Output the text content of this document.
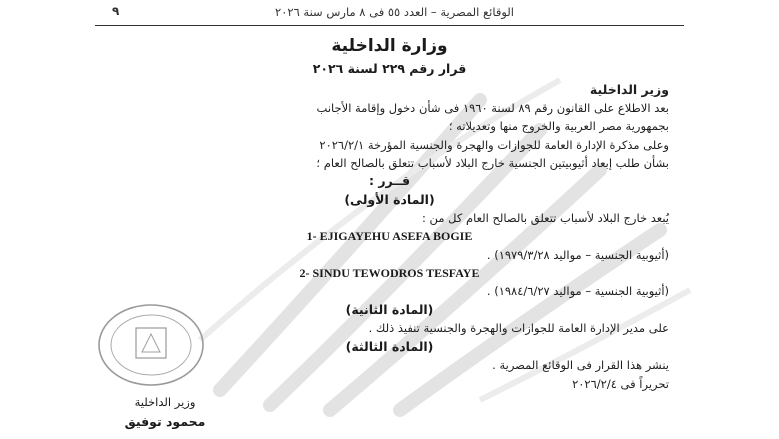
الوقائع المصرية – العدد ٥٥ فى ٨ مارس سنة ٢٠٢٦
٩
وزارة الداخلية
قرار رقم ٢٢٩ لسنة ٢٠٢٦
وزير الداخلية
بعد الاطلاع على القانون رقم ٨٩ لسنة ١٩٦٠ فى شأن دخول وإقامة الأجانب
بجمهورية مصر العربية والخروج منها وتعديلاته ؛
وعلى مذكرة الإدارة العامة للجوازات والهجرة والجنسية المؤرخة ٢٠٢٦/٢/١
بشأن طلب إبعاد أثيوبيتين الجنسية خارج البلاد لأسباب تتعلق بالصالح العام ؛
قــرر :
(المادة الأولى)
يُبعد خارج البلاد لأسباب تتعلق بالصالح العام كل من :
1- EJIGAYEHU ASEFA BOGIE
(أثيوبية الجنسية – مواليد ١٩٧٩/٣/٢٨) .
2- SINDU TEWODROS TESFAYE
(أثيوبية الجنسية – مواليد ١٩٨٤/٦/٢٧) .
(المادة الثانية)
على مدير الإدارة العامة للجوازات والهجرة والجنسية تنفيذ ذلك .
(المادة الثالثة)
ينشر هذا القرار فى الوقائع المصرية .
تحريراً فى ٢٠٢٦/٢/٤
وزير الداخلية
محمود توفيق
